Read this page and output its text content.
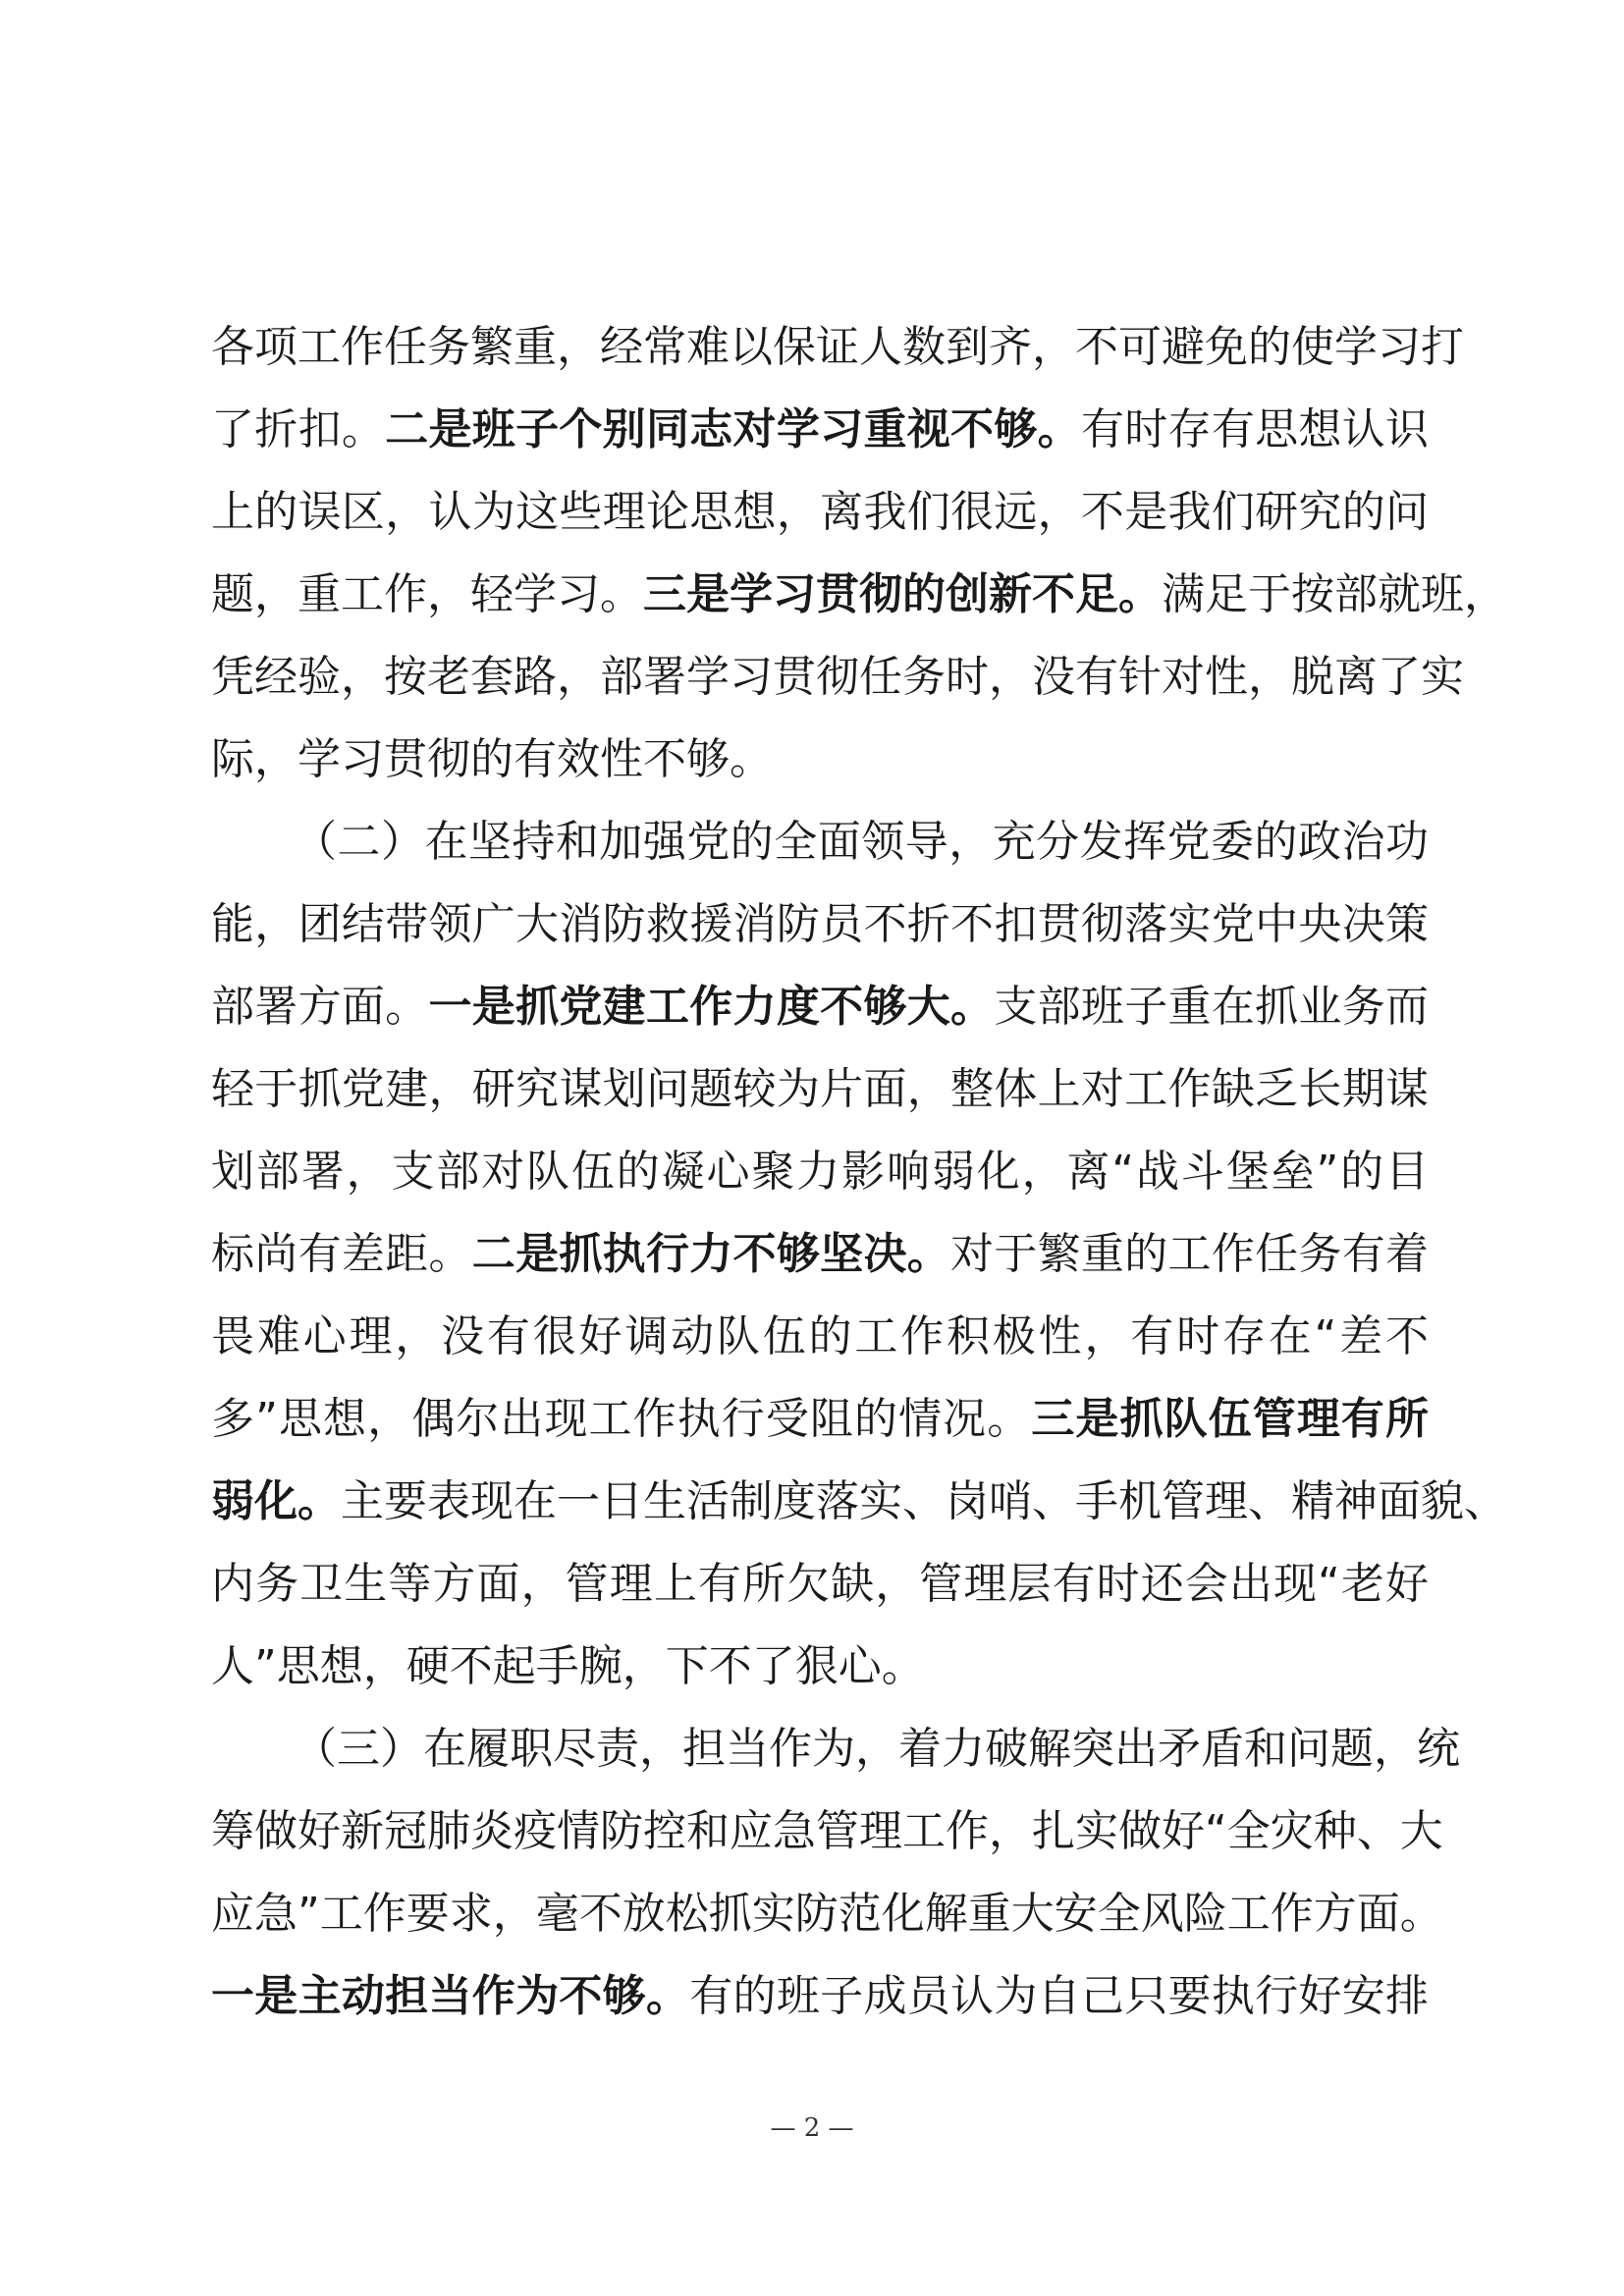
各项工作任务繁重，经常难以保证人数到齐，不可避免的使学习打
了折扣。二是班子个别同志对学习重视不够。有时存有思想认识
上的误区，认为这些理论思想，离我们很远，不是我们研究的问
题，重工作，轻学习。三是学习贯彻的创新不足。满足于按部就班，
凭经验，按老套路，部署学习贯彻任务时，没有针对性，脱离了实
际，学习贯彻的有效性不够。
（二）在坚持和加强党的全面领导，充分发挥党委的政治功
能，团结带领广大消防救援消防员不折不扣贯彻落实党中央决策
部署方面。一是抓党建工作力度不够大。支部班子重在抓业务而
轻于抓党建，研究谋划问题较为片面，整体上对工作缺乏长期谋
划部署，支部对队伍的凝心聚力影响弱化，离“战斗堡垒”的目
标尚有差距。二是抓执行力不够坚决。对于繁重的工作任务有着
畏难心理，没有很好调动队伍的工作积极性，有时存在“差不
多”思想，偶尔出现工作执行受阻的情况。三是抓队伍管理有所
弱化。主要表现在一日生活制度落实、岗哨、手机管理、精神面貌、
内务卫生等方面，管理上有所欠缺，管理层有时还会出现“老好
人”思想，硬不起手腕，下不了狠心。
（三）在履职尽责，担当作为，着力破解突出矛盾和问题，统
筹做好新冠肺炎疫情防控和应急管理工作，扎实做好“全灾种、大
应急”工作要求，毫不放松抓实防范化解重大安全风险工作方面。
一是主动担当作为不够。有的班子成员认为自己只要执行好安排
— 2 —
